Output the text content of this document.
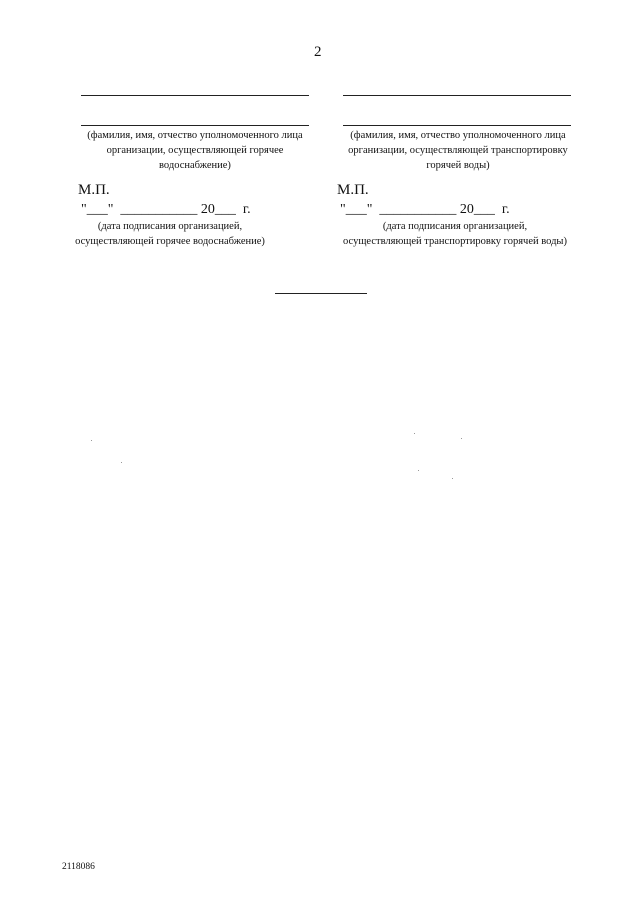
2
(фамилия, имя, отчество уполномоченного лица
организации, осуществляющей горячее
водоснабжение)
М.П.
"___"  ___________ 20___  г.
(дата подписания организацией,
осуществляющей горячее водоснабжение)
(фамилия, имя, отчество уполномоченного лица
организации, осуществляющей транспортировку
горячей воды)
М.П.
"___"  ___________ 20___  г.
(дата подписания организацией,
осуществляющей транспортировку горячей воды)
2118086
